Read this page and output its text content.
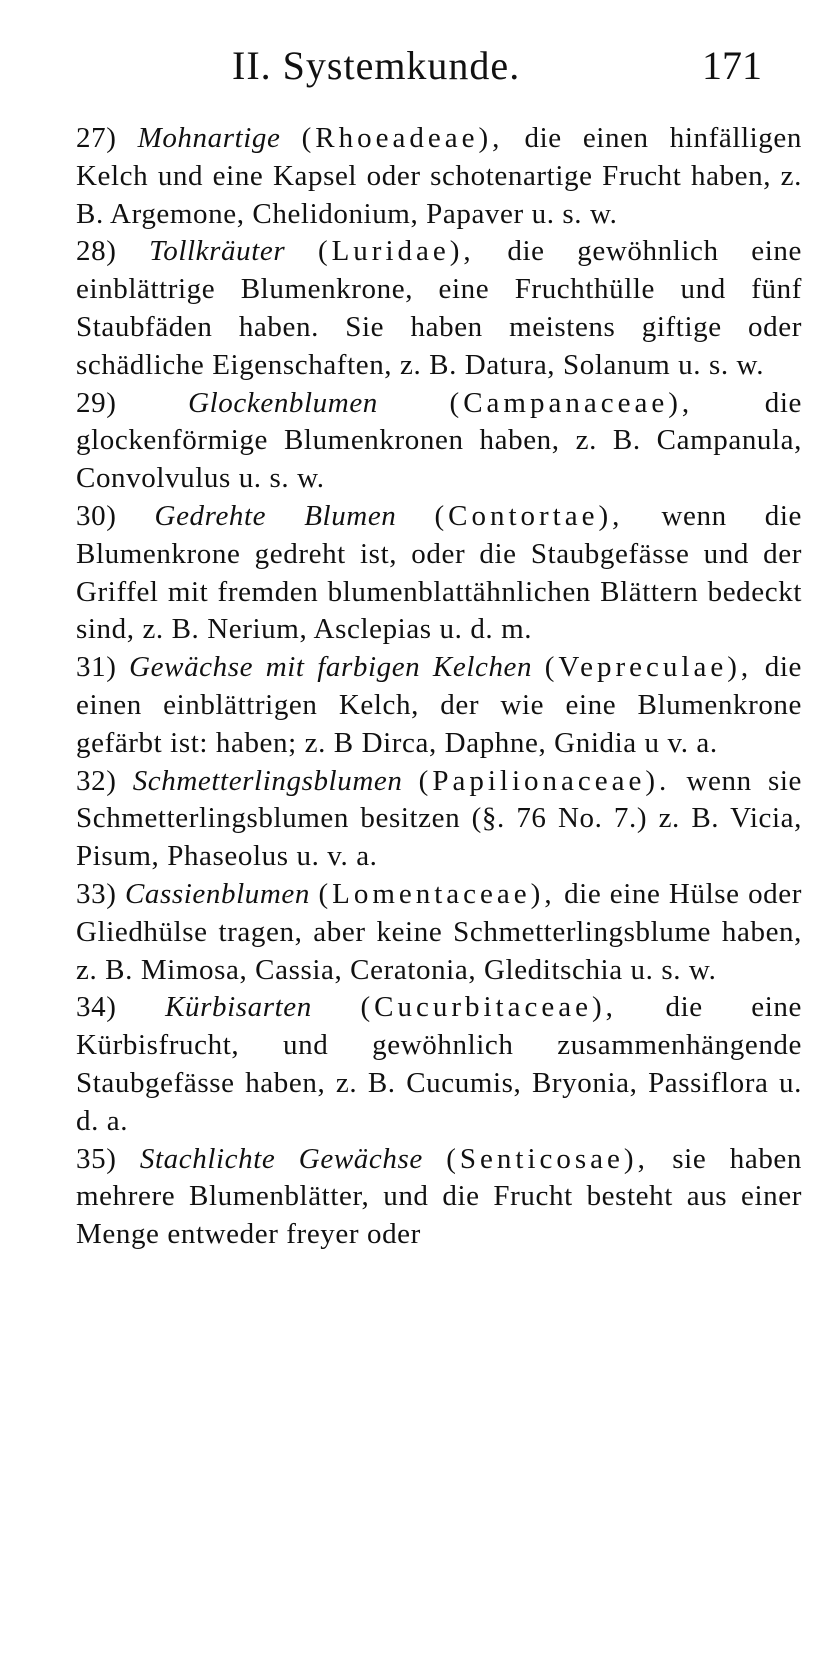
II. Systemkunde.	171

27) Mohnartige (Rhoeadeae), die einen hinfälligen Kelch und eine Kapsel oder schotenartige Frucht haben, z. B. Argemone, Chelidonium, Papaver u. s. w.

28) Tollkräuter (Luridae), die gewöhnlich eine einblättrige Blumenkrone, eine Fruchthülle und fünf Staubfäden haben. Sie haben meistens giftige oder schädliche Eigenschaften, z. B. Datura, Solanum u. s. w.

29) Glockenblumen (Campanaceae), die glockenförmige Blumenkronen haben, z. B. Campanula, Convolvulus u. s. w.

30) Gedrehte Blumen (Contortae), wenn die Blumenkrone gedreht ist, oder die Staubgefässe und der Griffel mit fremden blumenblattähnlichen Blättern bedeckt sind, z. B. Nerium, Asclepias u. d. m.

31) Gewächse mit farbigen Kelchen (Vepreculae), die einen einblättrigen Kelch, der wie eine Blumenkrone gefärbt ist: haben; z. B Dirca, Daphne, Gnidia u v. a.

32) Schmetterlingsblumen (Papilionaceae). wenn sie Schmetterlingsblumen besitzen (§. 76 No. 7.) z. B. Vicia, Pisum, Phaseolus u. v. a.

33) Cassienblumen (Lomentaceae), die eine Hülse oder Gliedhülse tragen, aber keine Schmetterlingsblume haben, z. B. Mimosa, Cassia, Ceratonia, Gleditschia u. s. w.

34) Kürbisarten (Cucurbitaceae), die eine Kürbisfrucht, und gewöhnlich zusammenhängende Staubgefässe haben, z. B. Cucumis, Bryonia, Passiflora u. d. a.

35) Stachlichte Gewächse (Senticosae), sie haben mehrere Blumenblätter, und die Frucht besteht aus einer Menge entweder freyer oder
